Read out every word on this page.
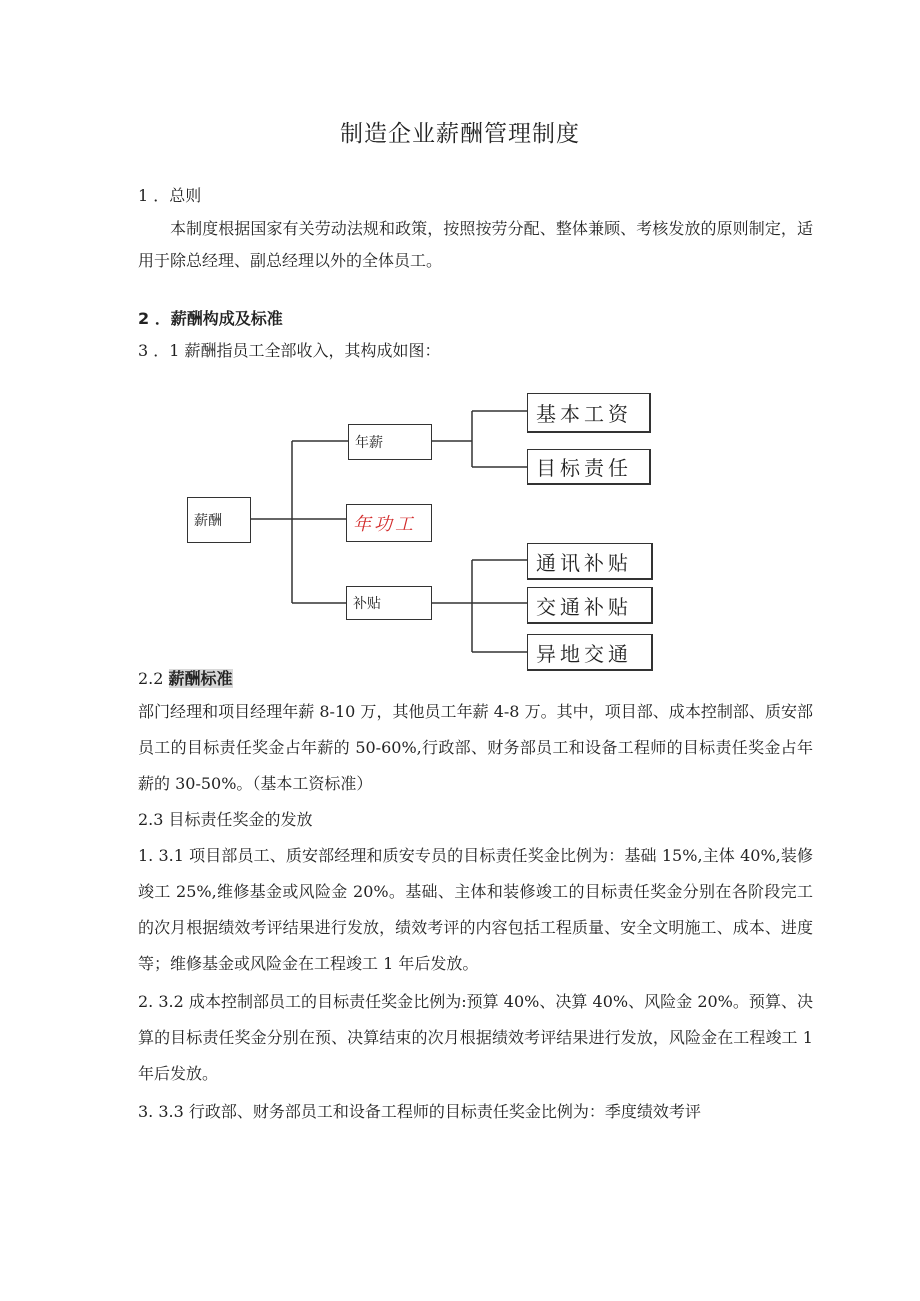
制造企业薪酬管理制度
1 ．总则
本制度根据国家有关劳动法规和政策，按照按劳分配、整体兼顾、考核发放的原则制定，适用于除总经理、副总经理以外的全体员工。
2 ．薪酬构成及标准
3 ．1 薪酬指员工全部收入，其构成如图：
薪酬
年薪
年功工
补贴
基本工资
目标责任
通讯补贴
交通补贴
异地交通
2.2 薪酬标准
部门经理和项目经理年薪 8-10 万，其他员工年薪 4-8 万。其中，项目部、成本控制部、质安部员工的目标责任奖金占年薪的 50-60%,行政部、财务部员工和设备工程师的目标责任奖金占年薪的 30-50%。（基本工资标准）
2.3 目标责任奖金的发放
1. 3.1 项目部员工、质安部经理和质安专员的目标责任奖金比例为：基础 15%,主体 40%,装修竣工 25%,维修基金或风险金 20%。基础、主体和装修竣工的目标责任奖金分别在各阶段完工的次月根据绩效考评结果进行发放，绩效考评的内容包括工程质量、安全文明施工、成本、进度等；维修基金或风险金在工程竣工 1 年后发放。
2. 3.2 成本控制部员工的目标责任奖金比例为:预算 40%、决算 40%、风险金 20%。预算、决算的目标责任奖金分别在预、决算结束的次月根据绩效考评结果进行发放，风险金在工程竣工 1 年后发放。
3. 3.3 行政部、财务部员工和设备工程师的目标责任奖金比例为：季度绩效考评
